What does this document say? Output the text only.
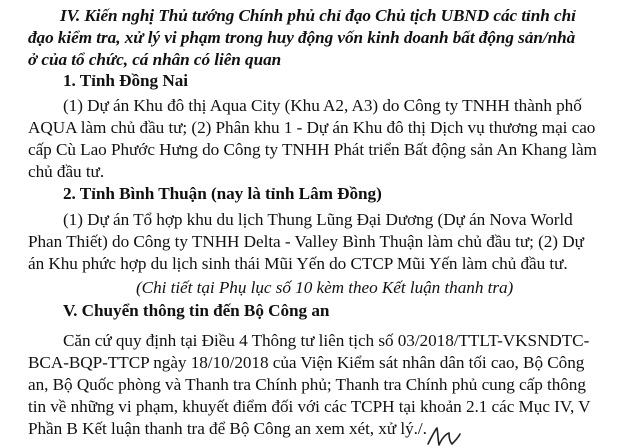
IV. Kiến nghị Thủ tướng Chính phủ chỉ đạo Chủ tịch UBND các tỉnh chỉ
đạo kiểm tra, xử lý vi phạm trong huy động vốn kinh doanh bất động sản/nhà
ở của tổ chức, cá nhân có liên quan
1. Tỉnh Đồng Nai
(1) Dự án Khu đô thị Aqua City (Khu A2, A3) do Công ty TNHH thành phố
AQUA làm chủ đầu tư; (2) Phân khu 1 - Dự án Khu đô thị Dịch vụ thương mại cao
cấp Cù Lao Phước Hưng do Công ty TNHH Phát triển Bất động sản An Khang làm
chủ đầu tư.
2. Tỉnh Bình Thuận (nay là tỉnh Lâm Đồng)
(1) Dự án Tổ hợp khu du lịch Thung Lũng Đại Dương (Dự án Nova World
Phan Thiết) do Công ty TNHH Delta - Valley Bình Thuận làm chủ đầu tư; (2) Dự
án Khu phức hợp du lịch sinh thái Mũi Yến do CTCP Mũi Yến làm chủ đầu tư.
(Chi tiết tại Phụ lục số 10 kèm theo Kết luận thanh tra)
V. Chuyển thông tin đến Bộ Công an
Căn cứ quy định tại Điều 4 Thông tư liên tịch số 03/2018/TTLT-VKSNDTC-
BCA-BQP-TTCP ngày 18/10/2018 của Viện Kiểm sát nhân dân tối cao, Bộ Công
an, Bộ Quốc phòng và Thanh tra Chính phủ; Thanh tra Chính phủ cung cấp thông
tin về những vi phạm, khuyết điểm đối với các TCPH tại khoản 2.1 các Mục IV, V
Phần B Kết luận thanh tra để Bộ Công an xem xét, xử lý./.
